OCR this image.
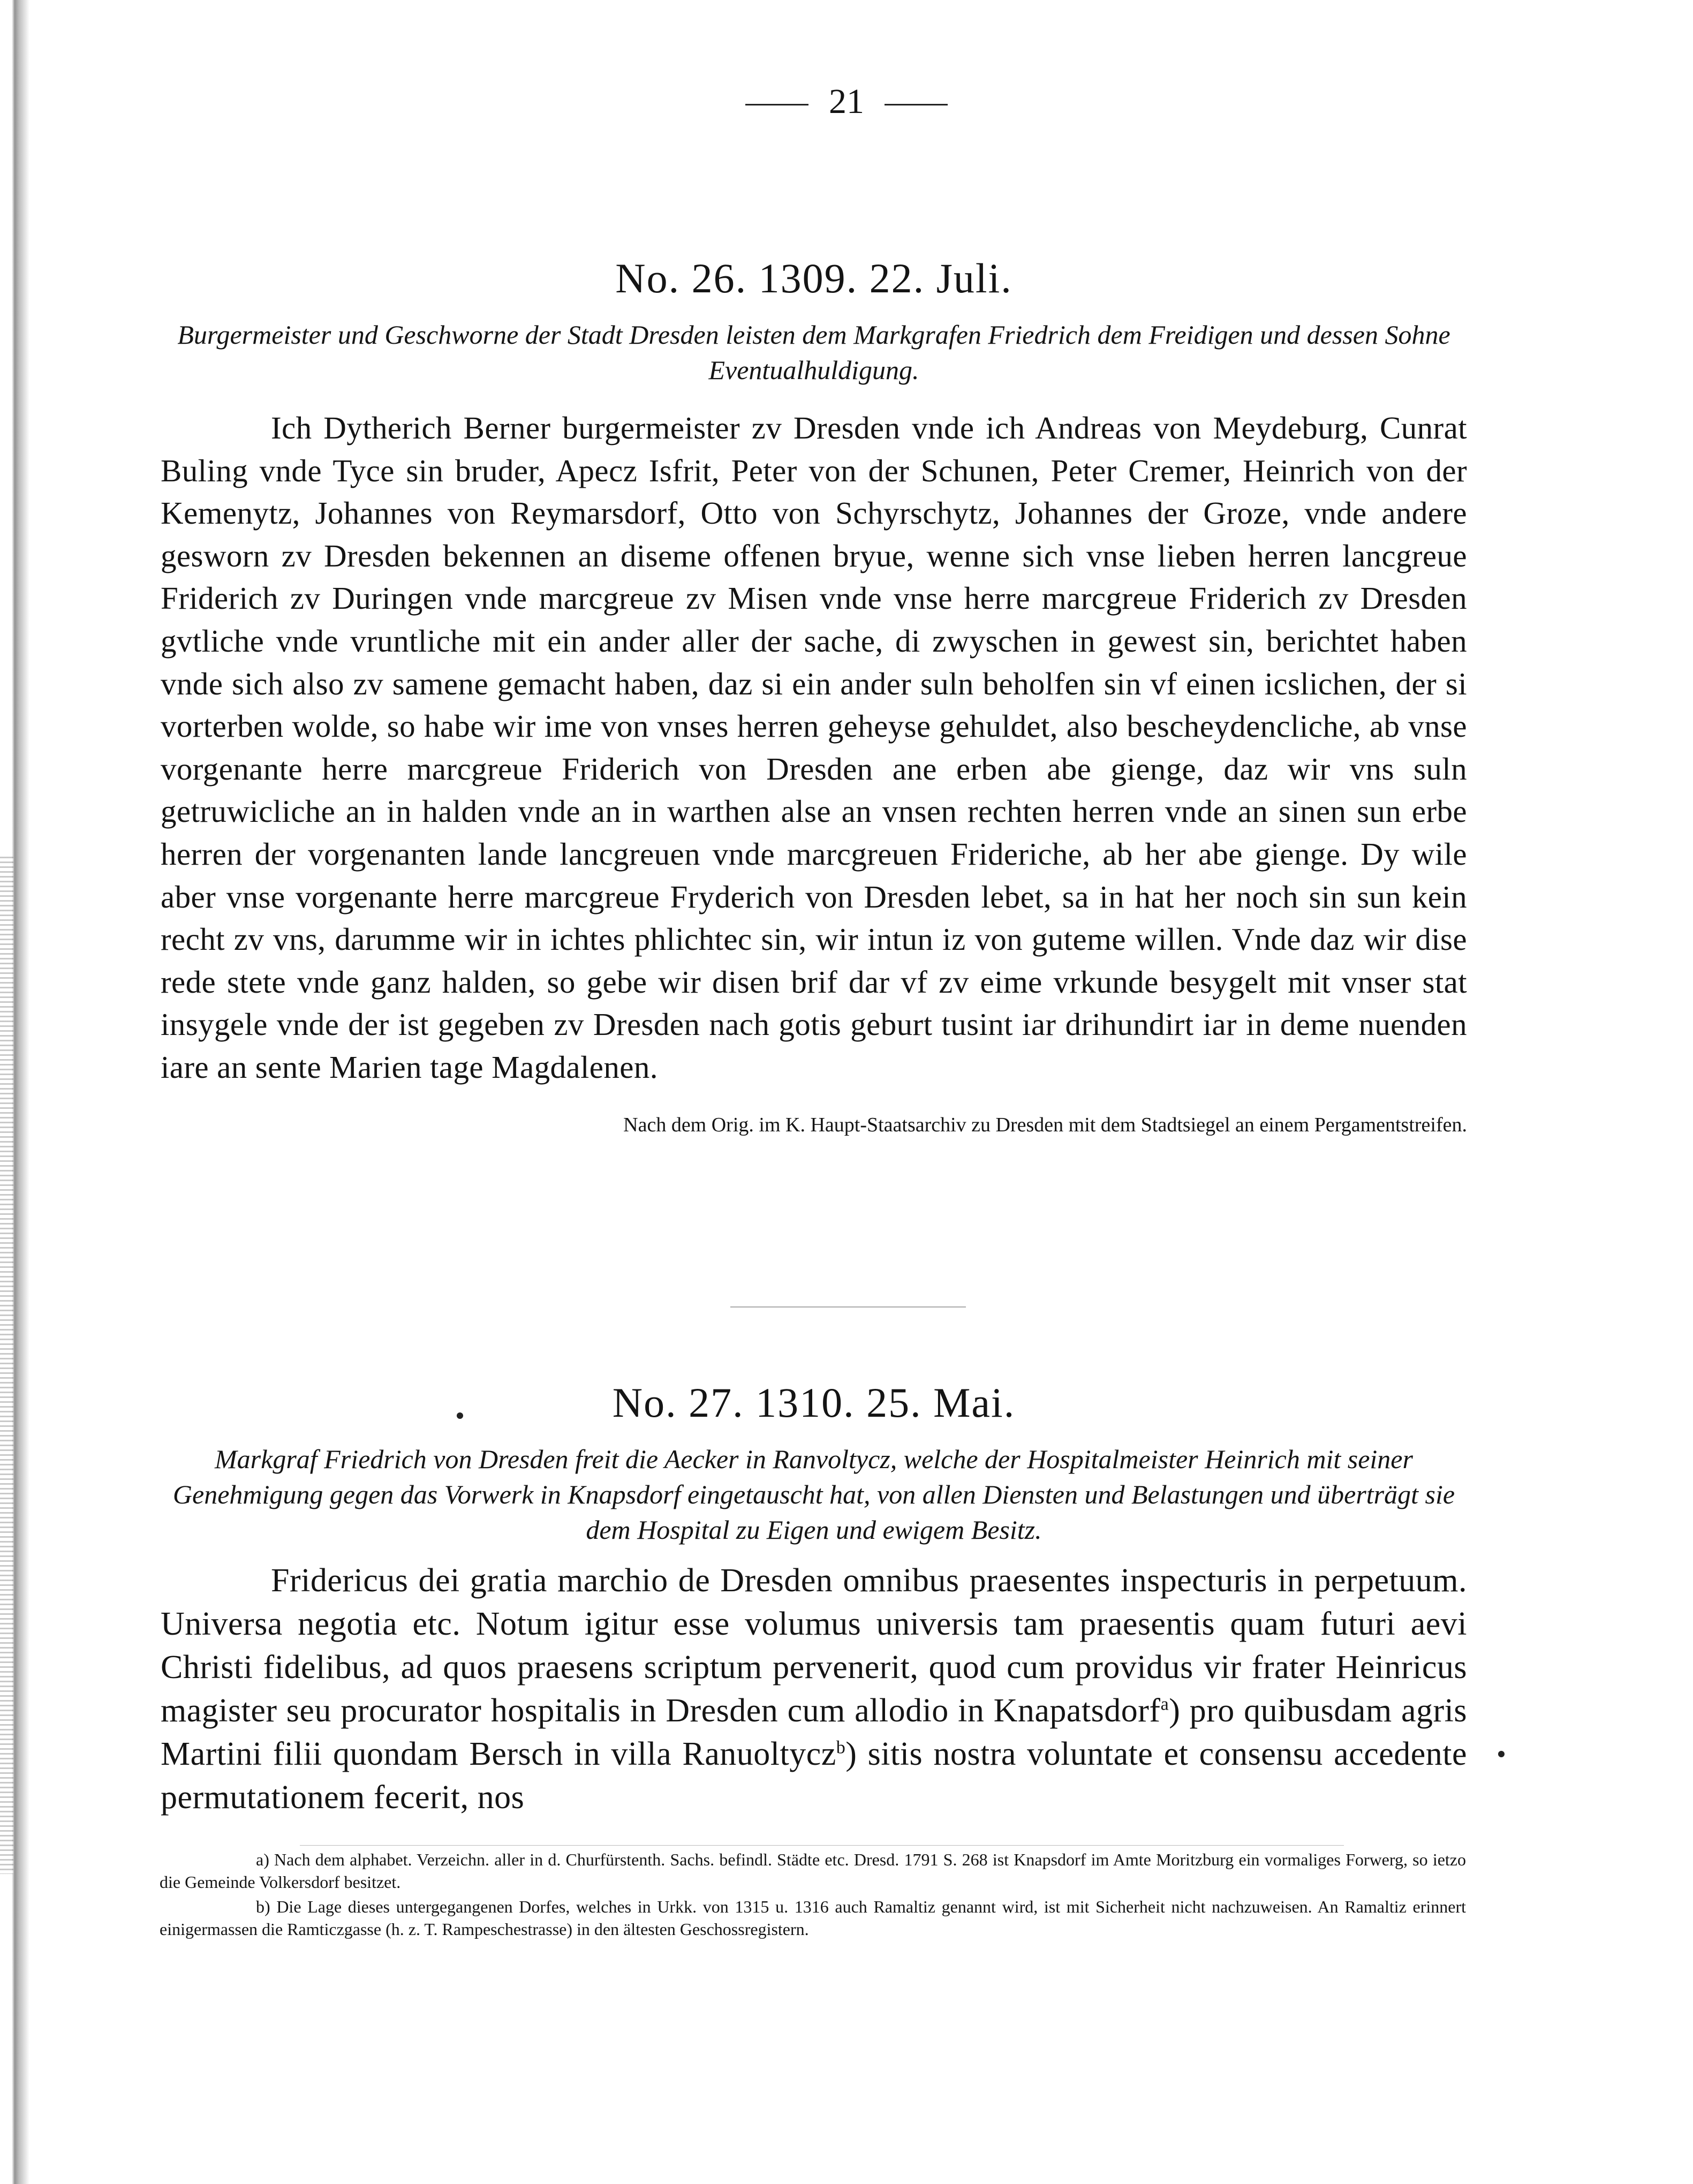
21
No. 26. 1309. 22. Juli.
Burgermeister und Geschworne der Stadt Dresden leisten dem Markgrafen Friedrich dem Freidigen und dessen Sohne Eventualhuldigung.

Ich Dytherich Berner burgermeister zv Dresden vnde ich Andreas von Meydeburg, Cunrat Buling vnde Tyce sin bruder, Apecz Isfrit, Peter von der Schunen, Peter Cremer, Heinrich von der Kemenytz, Johannes von Reymarsdorf, Otto von Schyrschytz, Johannes der Groze, vnde andere gesworn zv Dresden bekennen an diseme offenen bryue, wenne sich vnse lieben herren lancgreue Friderich zv Duringen vnde marcgreue zv Misen vnde vnse herre marcgreue Friderich zv Dresden gvtliche vnde vruntliche mit ein ander aller der sache, di zwyschen in gewest sin, berichtet haben vnde sich also zv samene gemacht haben, daz si ein ander suln beholfen sin vf einen icslichen, der si vorterben wolde, so habe wir ime von vnses herren geheyse gehuldet, also bescheydencliche, ab vnse vorgenante herre marcgreue Friderich von Dresden ane erben abe gienge, daz wir vns suln getruwicliche an in halden vnde an in warthen alse an vnsen rechten herren vnde an sinen sun erbe herren der vorgenanten lande lancgreuen vnde marcgreuen Frideriche, ab her abe gienge. Dy wile aber vnse vorgenante herre marcgreue Fryderich von Dresden lebet, sa in hat her noch sin sun kein recht zv vns, darumme wir in ichtes phlichtec sin, wir intun iz von guteme willen. Vnde daz wir dise rede stete vnde ganz halden, so gebe wir disen brif dar vf zv eime vrkunde besygelt mit vnser stat insygele vnde der ist gegeben zv Dresden nach gotis geburt tusint iar drihundirt iar in deme nuenden iare an sente Marien tage Magdalenen.

Nach dem Orig. im K. Haupt-Staatsarchiv zu Dresden mit dem Stadtsiegel an einem Pergamentstreifen.

No. 27. 1310. 25. Mai.
Markgraf Friedrich von Dresden freit die Aecker in Ranvoltycz, welche der Hospitalmeister Heinrich mit seiner Genehmigung gegen das Vorwerk in Knapsdorf eingetauscht hat, von allen Diensten und Belastungen und überträgt sie dem Hospital zu Eigen und ewigem Besitz.

Fridericus dei gratia marchio de Dresden omnibus praesentes inspecturis in perpetuum. Universa negotia etc. Notum igitur esse volumus universis tam praesentis quam futuri aevi Christi fidelibus, ad quos praesens scriptum pervenerit, quod cum providus vir frater Heinricus magister seu procurator hospitalis in Dresden cum allodio in Knapatsdorf$^a$) pro quibusdam agris Martini filii quondam Bersch in villa Ranuoltycz$^b$) sitis nostra voluntate et consensu accedente permutationem fecerit, nos

a) Nach dem alphabet. Verzeichn. aller in d. Churfürstenth. Sachs. befindl. Städte etc. Dresd. 1791 S. 268 ist Knapsdorf im Amte Moritzburg ein vormaliges Forwerg, so ietzo die Gemeinde Volkersdorf besitzet.

b) Die Lage dieses untergegangenen Dorfes, welches in Urkk. von 1315 u. 1316 auch Ramaltiz genannt wird, ist mit Sicherheit nicht nachzuweisen. An Ramaltiz erinnert einigermassen die Ramticzgasse (h. z. T. Rampeschestrasse) in den ältesten Geschossregistern.
